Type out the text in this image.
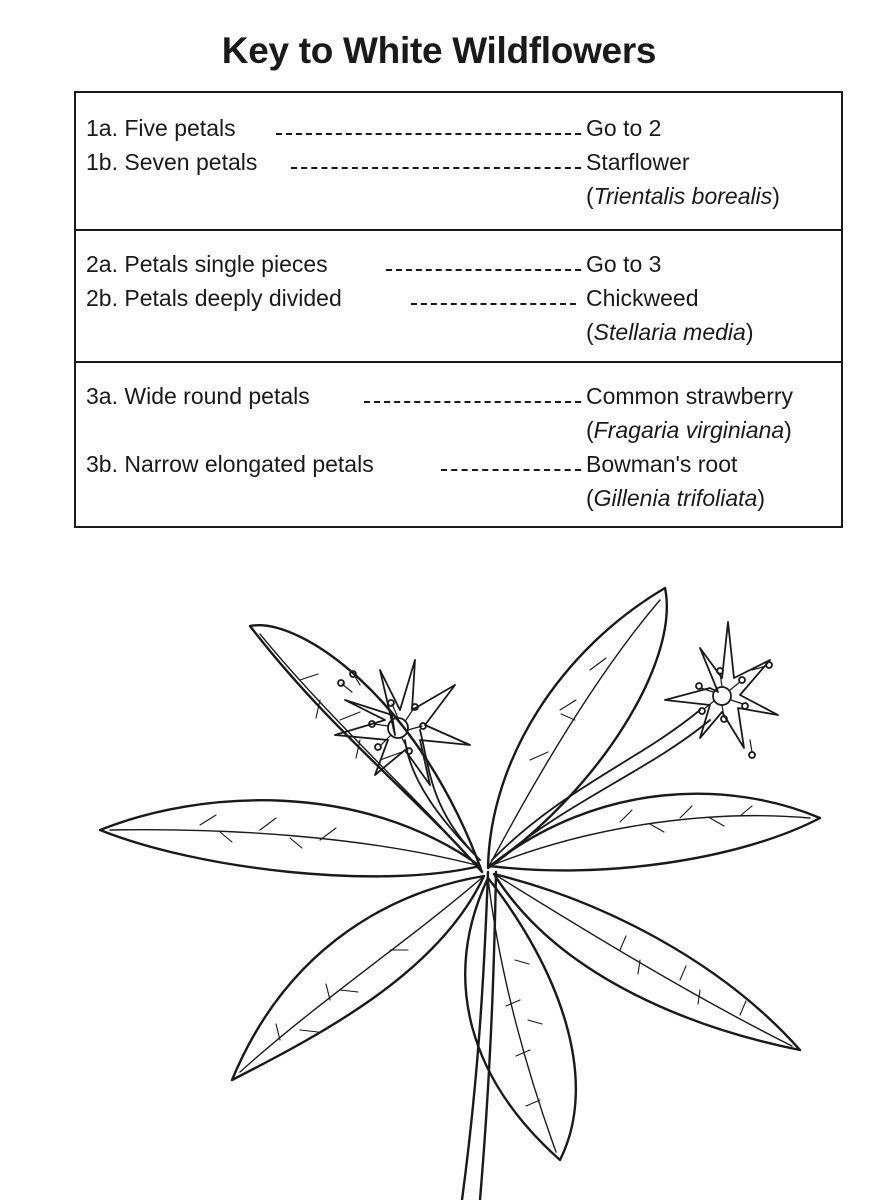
Key to White Wildflowers
1a. Five petals	Go to 2
1b. Seven petals	Starflower
(Trientalis borealis)
2a. Petals single pieces	Go to 3
2b. Petals deeply divided	Chickweed
(Stellaria media)
3a. Wide round petals	Common strawberry
(Fragaria virginiana)
3b. Narrow elongated petals	Bowman's root
(Gillenia trifoliata)
